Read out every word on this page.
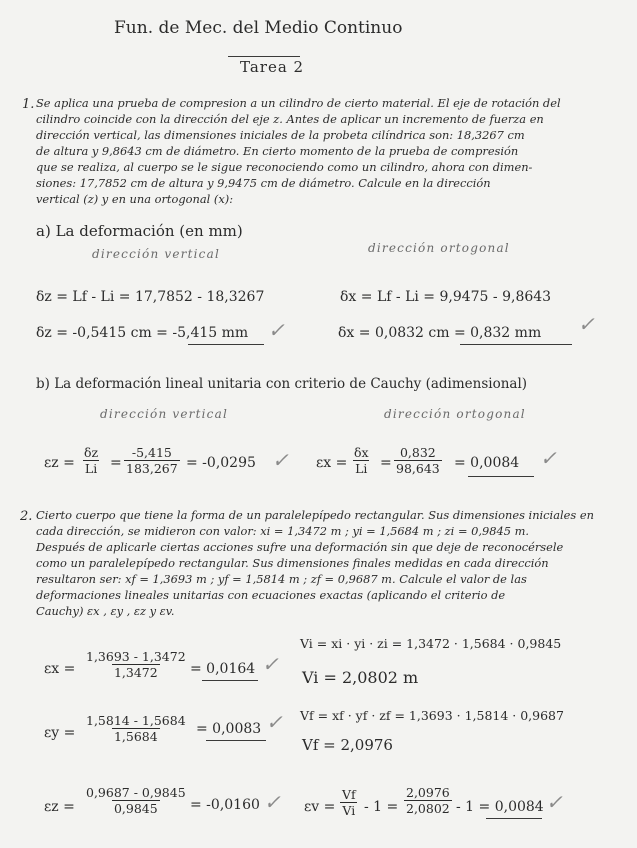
Fun. de Mec. del Medio Continuo
Tarea 2
1. Se aplica una prueba de compresion a un cilindro de cierto material. El eje de rotación del
cilindro coincide con la dirección del eje z. Antes de aplicar un incremento de fuerza en
dirección vertical, las dimensiones iniciales de la probeta cilíndrica son: 18,3267 cm
de altura y 9,8643 cm de diámetro. En cierto momento de la prueba de compresión
que se realiza, al cuerpo se le sigue reconociendo como un cilindro, ahora con dimen-
siones: 17,7852 cm de altura y 9,9475 cm de diámetro. Calcule en la dirección
vertical (z) y en una ortogonal (x):
a) La deformación (en mm)
dirección vertical	dirección ortogonal
δz = Lf - Li = 17,7852 - 18,3267
δz = -0,5415 cm = -5,415 mm ✓
δx = Lf - Li = 9,9475 - 9,8643
δx = 0,0832 cm = 0,832 mm ✓
b) La deformación lineal unitaria con criterio de Cauchy (adimensional)
dirección vertical	dirección ortogonal
$\varepsilon z = \frac{\delta z}{Li} = \frac{-5,415}{183,267} = -0,0295$ ✓ $\varepsilon x = \frac{\delta x}{Li} = \frac{0,832}{98,643} = 0,0084$ ✓
2. Cierto cuerpo que tiene la forma de un paralelepípedo rectangular. Sus dimensiones iniciales en
cada dirección, se midieron con valor: xi = 1,3472 m ; yi = 1,5684 m ; zi = 0,9845 m.
Después de aplicarle ciertas acciones sufre una deformación sin que deje de reconocérsele
como un paralelepípedo rectangular. Sus dimensiones finales medidas en cada dirección
resultaron ser: xf = 1,3693 m ; yf = 1,5814 m ; zf = 0,9687 m. Calcule el valor de las
deformaciones lineales unitarias con ecuaciones exactas (aplicando el criterio de
Cauchy) εx , εy , εz y εv.
$\varepsilon x = \frac{1,3693 - 1,3472}{1,3472} = 0,0164$ ✓
Vi = xi · yi · zi = 1,3472 · 1,5684 · 0,9845
Vi = 2,0802 m
$\varepsilon y = \frac{1,5814 - 1,5684}{1,5684} = 0,0083$ ✓ Vf = xf · yf · zf = 1,3693 · 1,5814 · 0,9687
Vf = 2,0976
$\varepsilon z = \frac{0,9687 - 0,9845}{0,9845} = -0,0160$ ✓ $\varepsilon v = \frac{Vf}{Vi} - 1 = \frac{2,0976}{2,0802} - 1 = 0,0084$ ✓
